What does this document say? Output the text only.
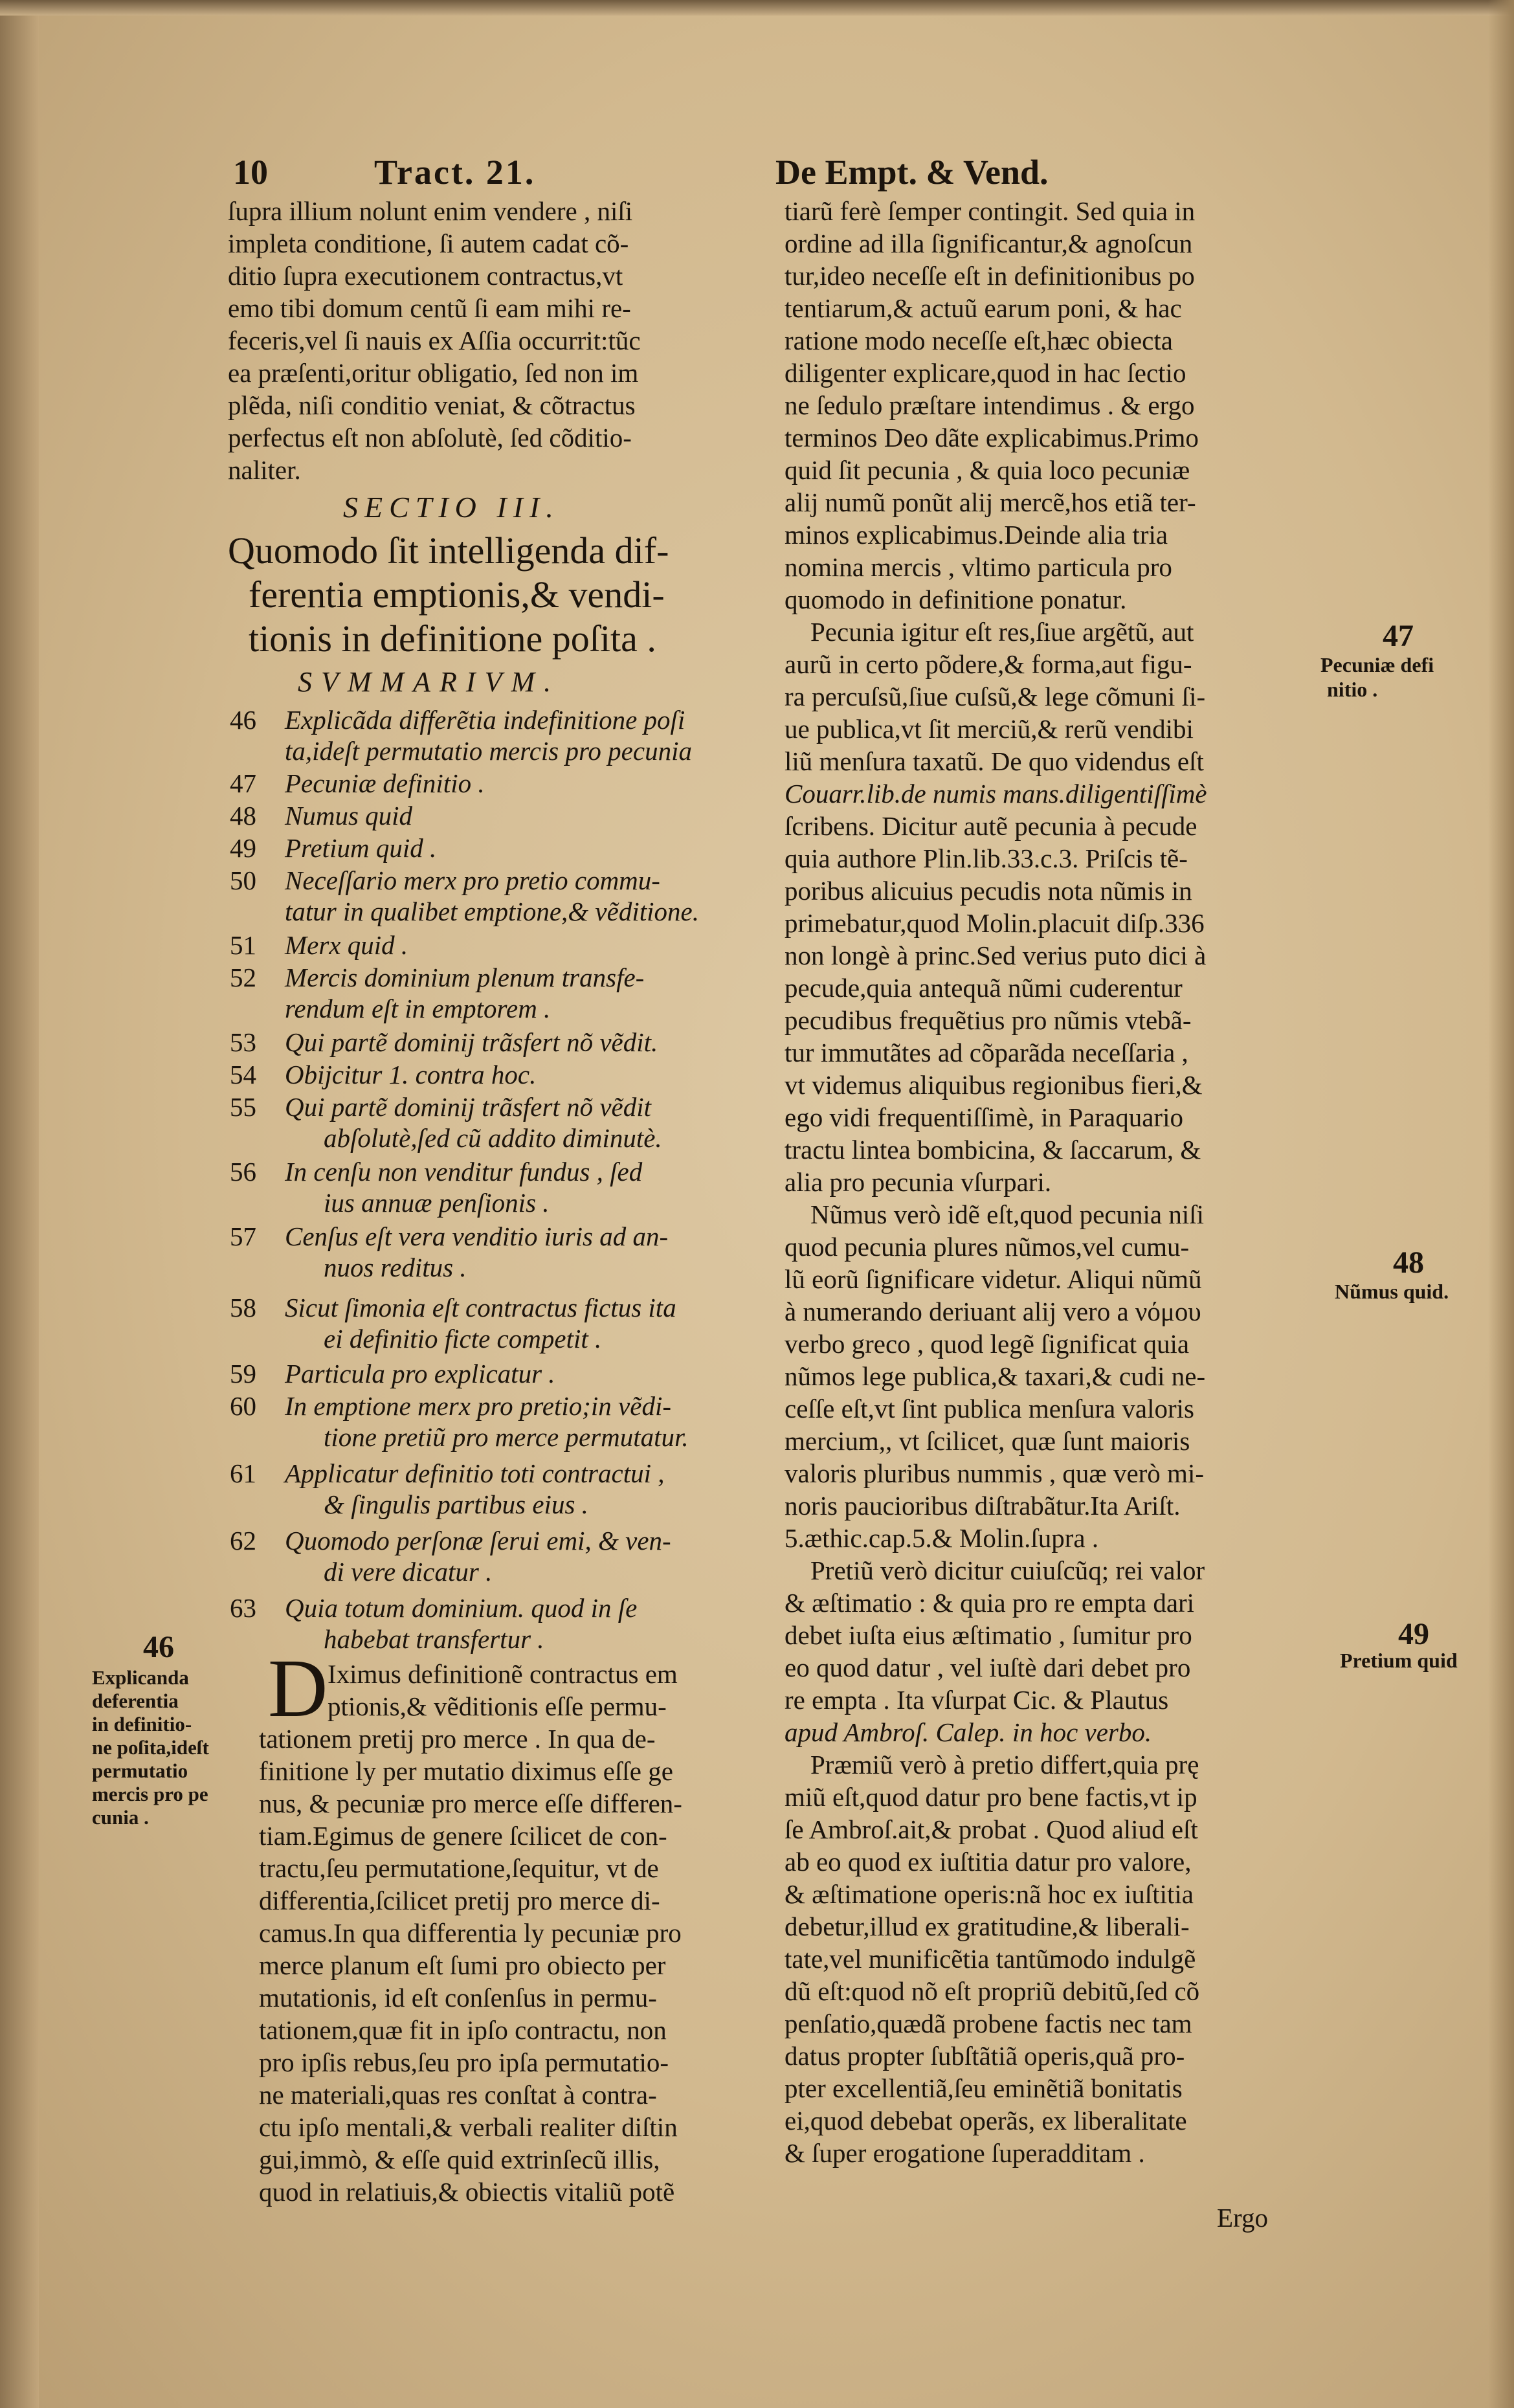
10	Tract. 21.	De Empt. & Vend.
ſupra illium nolunt enim vendere , niſi
impleta conditione, ſi autem cadat cõ-
ditio ſupra executionem contractus,vt
emo tibi domum centũ ſi eam mihi re-
feceris,vel ſi nauis ex Aſſia occurrit:tũc
ea præſenti,oritur obligatio, ſed non im
plẽda, niſi conditio veniat, & cõtractus
perfectus eſt non abſolutè, ſed cõditio-
naliter.
SECTIO III.
Quomodo ſit intelligenda dif-
ferentia emptionis,& vendi-
tionis in definitione poſita .
SVMMARIVM.
46	Explicãda differẽtia indefinitione poſi
ta,ideſt permutatio mercis pro pecunia
47	Pecuniæ definitio .
48	Numus quid
49	Pretium quid .
50	Neceſſario merx pro pretio commu-
tatur in qualibet emptione,& vẽditione.
51	Merx quid .
52	Mercis dominium plenum transfe-
rendum eſt in emptorem .
53	Qui partẽ dominij trãsfert nõ vẽdit.
54	Obijcitur 1. contra hoc.
55	Qui partẽ dominij trãsfert nõ vẽdit
abſolutè,ſed cũ addito diminutè.
56	In cenſu non venditur fundus , ſed
ius annuæ penſionis .
57	Cenſus eſt vera venditio iuris ad an-
nuos reditus .
58	Sicut ſimonia eſt contractus fictus ita
ei definitio ficte competit .
59	Particula pro explicatur .
60	In emptione merx pro pretio;in vẽdi-
tione pretiũ pro merce permutatur.
61	Applicatur definitio toti contractui ,
& ſingulis partibus eius .
62	Quomodo perſonæ ſerui emi, & ven-
di vere dicatur .
63	Quia totum dominium. quod in ſe
habebat transfertur .
D Iximus definitionẽ contractus em
ptionis,& vẽditionis eſſe permu-
tationem pretij pro merce . In qua de-
finitione ly per mutatio diximus eſſe ge
nus, & pecuniæ pro merce eſſe differen-
tiam.Egimus de genere ſcilicet de con-
tractu,ſeu permutatione,ſequitur, vt de
differentia,ſcilicet pretij pro merce di-
camus.In qua differentia ly pecuniæ pro
merce planum eſt ſumi pro obiecto per
mutationis, id eſt conſenſus in permu-
tationem,quæ fit in ipſo contractu, non
pro ipſis rebus,ſeu pro ipſa permutatio-
ne materiali,quas res conſtat à contra-
ctu ipſo mentali,& verbali realiter diſtin
gui,immò, & eſſe quid extrinſecũ illis,
quod in relatiuis,& obiectis vitaliũ potẽ
46
Explicanda
deferentia
in definitio-
ne poſita,ideſt
permutatio
mercis pro pe
cunia .
tiarũ ferè ſemper contingit. Sed quia in
ordine ad illa ſignificantur,& agnoſcun
tur,ideo neceſſe eſt in definitionibus po
tentiarum,& actuũ earum poni, & hac
ratione modo neceſſe eſt,hæc obiecta
diligenter explicare,quod in hac ſectio
ne ſedulo præſtare intendimus . & ergo
terminos Deo dãte explicabimus.Primo
quid ſit pecunia , & quia loco pecuniæ
alij numũ ponũt alij mercẽ,hos etiã ter-
minos explicabimus.Deinde alia tria
nomina mercis , vltimo particula pro
quomodo in definitione ponatur.
Pecunia igitur eſt res,ſiue argẽtũ, aut
aurũ in certo põdere,& forma,aut figu-
ra percuſsũ,ſiue cuſsũ,& lege cõmuni ſi-
ue publica,vt ſit merciũ,& rerũ vendibi
liũ menſura taxatũ. De quo videndus eſt
Couarr.lib.de numis mans.diligentiſſimè
ſcribens. Dicitur autẽ pecunia à pecude
quia authore Plin.lib.33.c.3. Priſcis tẽ-
poribus alicuius pecudis nota nũmis in
primebatur,quod Molin.placuit diſp.336
non longè à princ.Sed verius puto dici à
pecude,quia antequã nũmi cuderentur
pecudibus frequẽtius pro nũmis vtebã-
tur immutãtes ad cõparãda neceſſaria ,
vt videmus aliquibus regionibus fieri,&
ego vidi frequentiſſimè, in Paraquario
tractu lintea bombicina, & ſaccarum, &
alia pro pecunia vſurpari.
Nũmus verò idẽ eſt,quod pecunia niſi
quod pecunia plures nũmos,vel cumu-
lũ eorũ ſignificare videtur. Aliqui nũmũ
à numerando deriuant alij vero a νόμου
verbo greco , quod legẽ ſignificat quia
nũmos lege publica,& taxari,& cudi ne-
ceſſe eſt,vt ſint publica menſura valoris
mercium,, vt ſcilicet, quæ ſunt maioris
valoris pluribus nummis , quæ verò mi-
noris paucioribus diſtrabãtur.Ita Ariſt.
5.æthic.cap.5.& Molin.ſupra .
Pretiũ verò dicitur cuiuſcũq; rei valor
& æſtimatio : & quia pro re empta dari
debet iuſta eius æſtimatio , ſumitur pro
eo quod datur , vel iuſtè dari debet pro
re empta . Ita vſurpat Cic. & Plautus
apud Ambroſ. Calep. in hoc verbo.
Præmiũ verò à pretio differt,quia prę
miũ eſt,quod datur pro bene factis,vt ip
ſe Ambroſ.ait,& probat . Quod aliud eſt
ab eo quod ex iuſtitia datur pro valore,
& æſtimatione operis:nã hoc ex iuſtitia
debetur,illud ex gratitudine,& liberali-
tate,vel munificẽtia tantũmodo indulgẽ
dũ eſt:quod nõ eſt propriũ debitũ,ſed cõ
penſatio,quædã probene factis nec tam
datus propter ſubſtãtiã operis,quã pro-
pter excellentiã,ſeu eminẽtiã bonitatis
ei,quod debebat operãs, ex liberalitate
& ſuper erogatione ſuperadditam .
Ergo
47
Pecuniæ defi
nitio .
48
Nũmus quid.
49
Pretium quid
